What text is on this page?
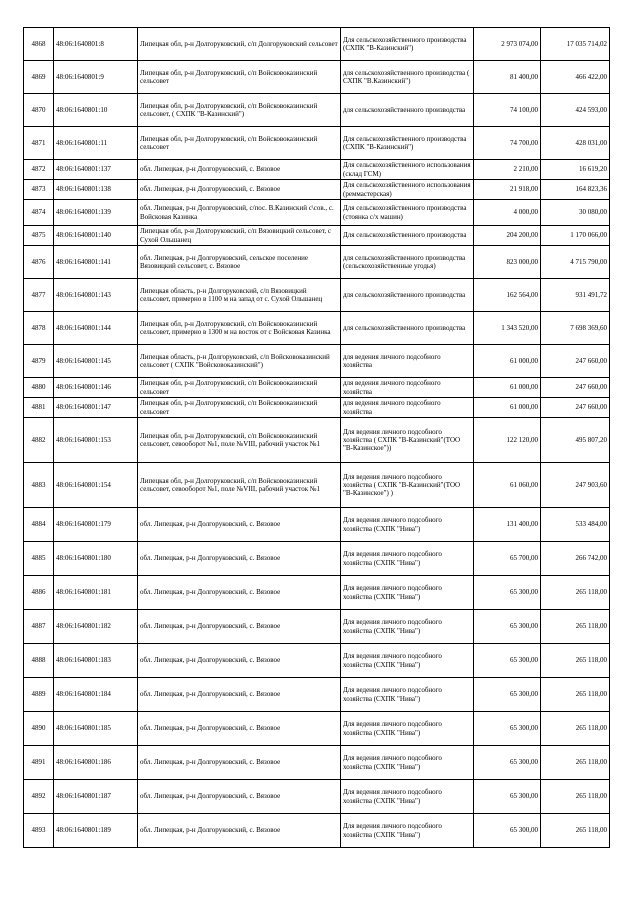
4868	48:06:1640801:8	Липецкая обл, р-н Долгоруковский, с/п Долгоруковский сельсовет	Для сельскохозяйственного производства (СХПК "В-Казинский")	2 973 074,00	17 035 714,02
4869	48:06:1640801:9	Липецкая обл, р-н Долгоруковский, с/п Войсковоказинский сельсовет	для сельскохозяйственного производства ( СХПК "В.Казинский")	81 400,00	466 422,00
4870	48:06:1640801:10	Липецкая обл, р-н Долгоруковский, с/п Войсковоказинский сельсовет, ( СХПК "В-Казинский")	для сельскохозяйственного производства	74 100,00	424 593,00
4871	48:06:1640801:11	Липецкая обл, р-н Долгоруковский, с/п Войсковоказинский сельсовет	Для сельскохозяйственного производства (СХПК "В-Казинский")	74 700,00	428 031,00
4872	48:06:1640801:137	обл. Липецкая, р-н Долгоруковский, с. Вязовое	Для сельскохозяйственного использования (склад ГСМ)	2 210,00	16 619,20
4873	48:06:1640801:138	обл. Липецкая, р-н Долгоруковский, с. Вязовое	Для сельскохозяйственного использования (реммастерская)	21 918,00	164 823,36
4874	48:06:1640801:139	обл. Липецкая, р-н Долгоруковский, с/пос. В.Казинский с\сов., с. Войсковая Казинка	Для сельскохозяйственного производства (стоянка с/х машин)	4 000,00	30 080,00
4875	48:06:1640801:140	Липецкая обл, р-н Долгоруковский, с/п Вязовицкий сельсовет, с Сухой Ольшанец	Для сельскохозяйственного производства	204 200,00	1 170 066,00
4876	48:06:1640801:141	обл. Липецкая, р-н Долгоруковский, сельское поселение Вязовицкий сельсовет, с. Вязовое	для сельскохозяйственного производства (сельскохозяйственные угодья)	823 000,00	4 715 790,00
4877	48:06:1640801:143	Липецкая область, р-н Долгоруковский, с/п Вязовицкий сельсовет, примерно в 1100 м на запад от с. Сухой Ольшанец	для сельскохозяйственного производства	162 564,00	931 491,72
4878	48:06:1640801:144	Липецкая обл, р-н Долгоруковский, с/п Войсковоказинский сельсовет, примерно в 1300 м на восток от с Войсковая Казинка	для сельскохозяйственного производства	1 343 520,00	7 698 369,60
4879	48:06:1640801:145	Липецкая область, р-н Долгоруковский, с/п Войсковоказинский сельсовет ( СХПК "Войсковоказинский")	для ведения личного подсобного хозяйства	61 000,00	247 660,00
4880	48:06:1640801:146	Липецкая обл, р-н Долгоруковский, с/п Войсковоказинский сельсовет	для ведения личного подсобного хозяйства	61 000,00	247 660,00
4881	48:06:1640801:147	Липецкая обл, р-н Долгоруковский, с/п Войсковоказинский сельсовет	для ведения личного подсобного хозяйства	61 000,00	247 660,00
4882	48:06:1640801:153	Липецкая обл, р-н Долгоруковский, с/п Войсковоказинский сельсовет, севооборот №1, поле №VIII, рабочий участок №1	Для ведения личного подсобного хозяйства ( СХПК "В-Казинский"(ТОО "В-Казинское"))	122 120,00	495 807,20
4883	48:06:1640801:154	Липецкая обл, р-н Долгоруковский, с/п Войсковоказинский сельсовет, севооборот №1, поле №VIII, рабочий участок №1	Для ведения личного подсобного хозяйства ( СХПК "В-Казинский"(ТОО "В-Казинское") )	61 060,00	247 903,60
4884	48:06:1640801:179	обл. Липецкая, р-н Долгоруковский, с. Вязовое	Для ведения личного подсобного хозяйства (СХПК "Нива")	131 400,00	533 484,00
4885	48:06:1640801:180	обл. Липецкая, р-н Долгоруковский, с. Вязовое	Для ведения личного подсобного хозяйства (СХПК "Нива")	65 700,00	266 742,00
4886	48:06:1640801:181	обл. Липецкая, р-н Долгоруковский, с. Вязовое	Для ведения личного подсобного хозяйства (СХПК "Нива")	65 300,00	265 118,00
4887	48:06:1640801:182	обл. Липецкая, р-н Долгоруковский, с. Вязовое	Для ведения личного подсобного хозяйства (СХПК "Нива")	65 300,00	265 118,00
4888	48:06:1640801:183	обл. Липецкая, р-н Долгоруковский, с. Вязовое	Для ведения личного подсобного хозяйства (СХПК "Нива")	65 300,00	265 118,00
4889	48:06:1640801:184	обл. Липецкая, р-н Долгоруковский, с. Вязовое	Для ведения личного подсобного хозяйства (СХПК "Нива")	65 300,00	265 118,00
4890	48:06:1640801:185	обл. Липецкая, р-н Долгоруковский, с. Вязовое	Для ведения личного подсобного хозяйства (СХПК "Нива")	65 300,00	265 118,00
4891	48:06:1640801:186	обл. Липецкая, р-н Долгоруковский, с. Вязовое	Для ведения личного подсобного хозяйства (СХПК "Нива")	65 300,00	265 118,00
4892	48:06:1640801:187	обл. Липецкая, р-н Долгоруковский, с. Вязовое	Для ведения личного подсобного хозяйства (СХПК "Нива")	65 300,00	265 118,00
4893	48:06:1640801:189	обл. Липецкая, р-н Долгоруковский, с. Вязовое	Для ведения личного подсобного хозяйства (СХПК "Нива")	65 300,00	265 118,00
